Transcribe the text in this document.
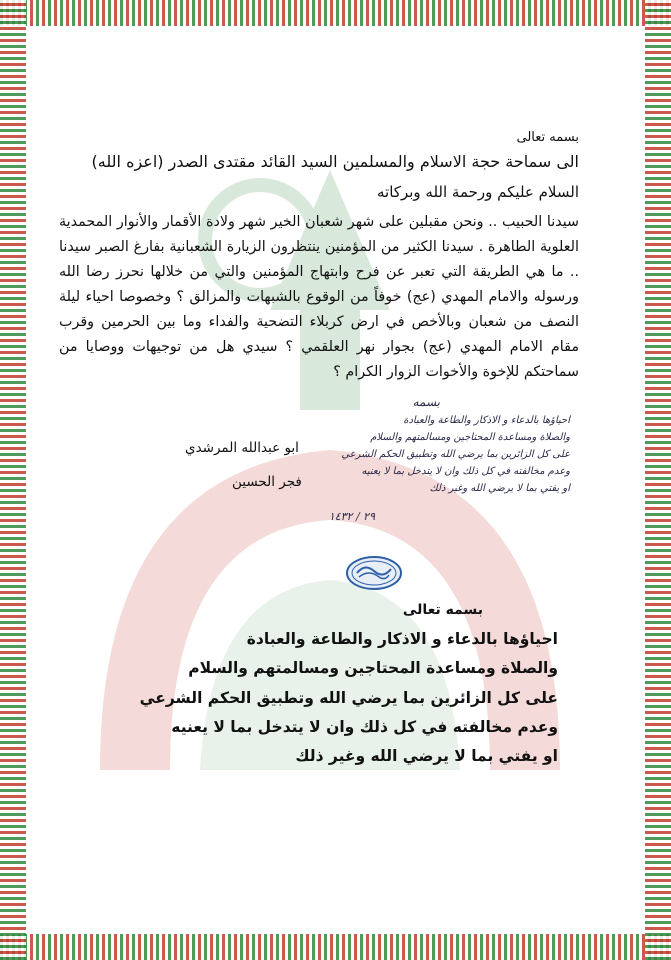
بسمه تعالى
الى سماحة حجة الاسلام والمسلمين السيد القائد مقتدى الصدر (اعزه الله)
السلام عليكم ورحمة الله وبركاته
سيدنا الحبيب .. ونحن مقبلين على شهر شعبان الخير شهر ولادة الأقمار والأنوار المحمدية العلوية الطاهرة . سيدنا الكثير من المؤمنين ينتظرون الزيارة الشعبانية بفارغ الصبر سيدنا .. ما هي الطريقة التي تعبر عن فرح وابتهاج المؤمنين والتي من خلالها نحرز رضا الله ورسوله والامام المهدي (عج) خوفاً من الوقوع بالشبهات والمزالق ؟ وخصوصا احياء ليلة النصف من شعبان وبالأخص في ارض كربلاء التضحية والفداء وما بين الحرمين وقرب مقام الامام المهدي (عج) بجوار نهر العلقمي ؟ سيدي هل من توجيهات ووصايا من سماحتكم للإخوة والأخوات الزوار الكرام ؟
ابو عبدالله المرشدي
فجر الحسين
بسمه
احياؤها بالدعاء و الاذكار والطاعة والعبادة
والصلاة ومساعدة المحتاجين ومسالمتهم والسلام
على كل الزائرين بما يرضي الله وتطبيق الحكم الشرعي
وعدم مخالفته في كل ذلك وان لا يتدخل بما لا يعنيه
او يفتي بما لا يرضي الله وغير ذلك
٢٩ / ١٤٣٢
بسمه تعالى
احياؤها بالدعاء و الاذكار والطاعة والعبادة
والصلاة ومساعدة المحتاجين ومسالمتهم والسلام
على كل الزائرين بما يرضي الله وتطبيق الحكم الشرعي
وعدم مخالفته في كل ذلك وان لا يتدخل بما لا يعنيه
او يفتي بما لا يرضي الله وغير ذلك
